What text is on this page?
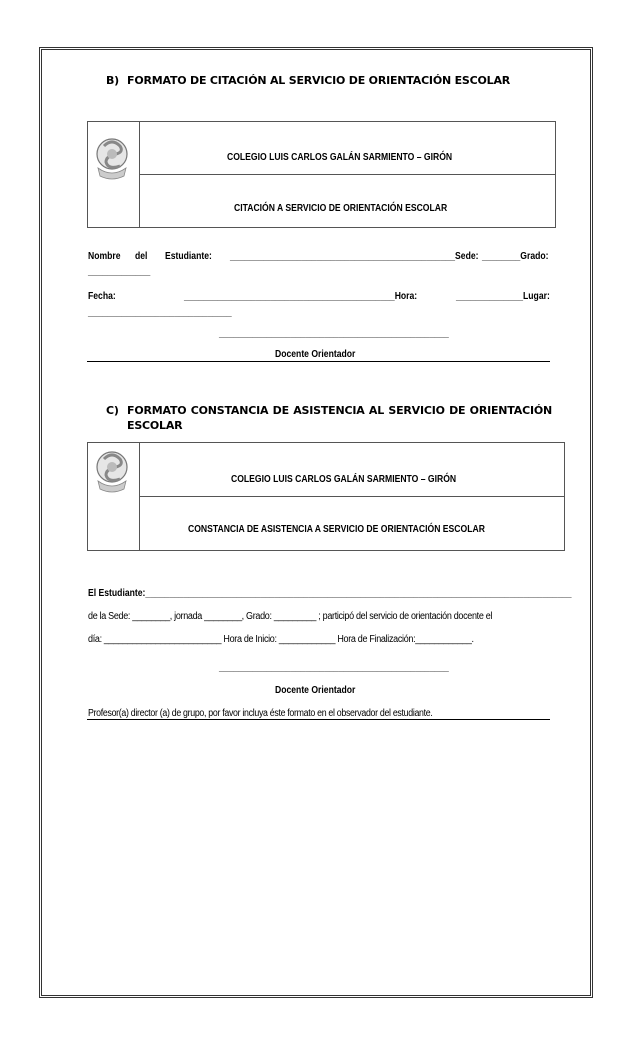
B) FORMATO DE CITACIÓN AL SERVICIO DE ORIENTACIÓN ESCOLAR
COLEGIO LUIS CARLOS GALÁN SARMIENTO – GIRÓN
CITACIÓN A SERVICIO DE ORIENTACIÓN ESCOLAR
Nombre del Estudiante: _______________________________________________Sede: ________Grado:
_____________
Fecha:	____________________________________________Hora:	______________Lugar:
______________________________
________________________________________________
Docente Orientador
C) FORMATO CONSTANCIA DE ASISTENCIA AL SERVICIO DE ORIENTACIÓN
ESCOLAR
COLEGIO LUIS CARLOS GALÁN SARMIENTO – GIRÓN
CONSTANCIA DE ASISTENCIA A SERVICIO DE ORIENTACIÓN ESCOLAR
El Estudiante:_________________________________________________________________________________________
de la Sede: ________, jornada ________, Grado: _________ ; participó del servicio de orientación docente el
día: _________________________ Hora de Inicio: ____________ Hora de Finalización:____________.
________________________________________________
Docente Orientador
Profesor(a) director (a) de grupo, por favor incluya éste formato en el observador del estudiante.
